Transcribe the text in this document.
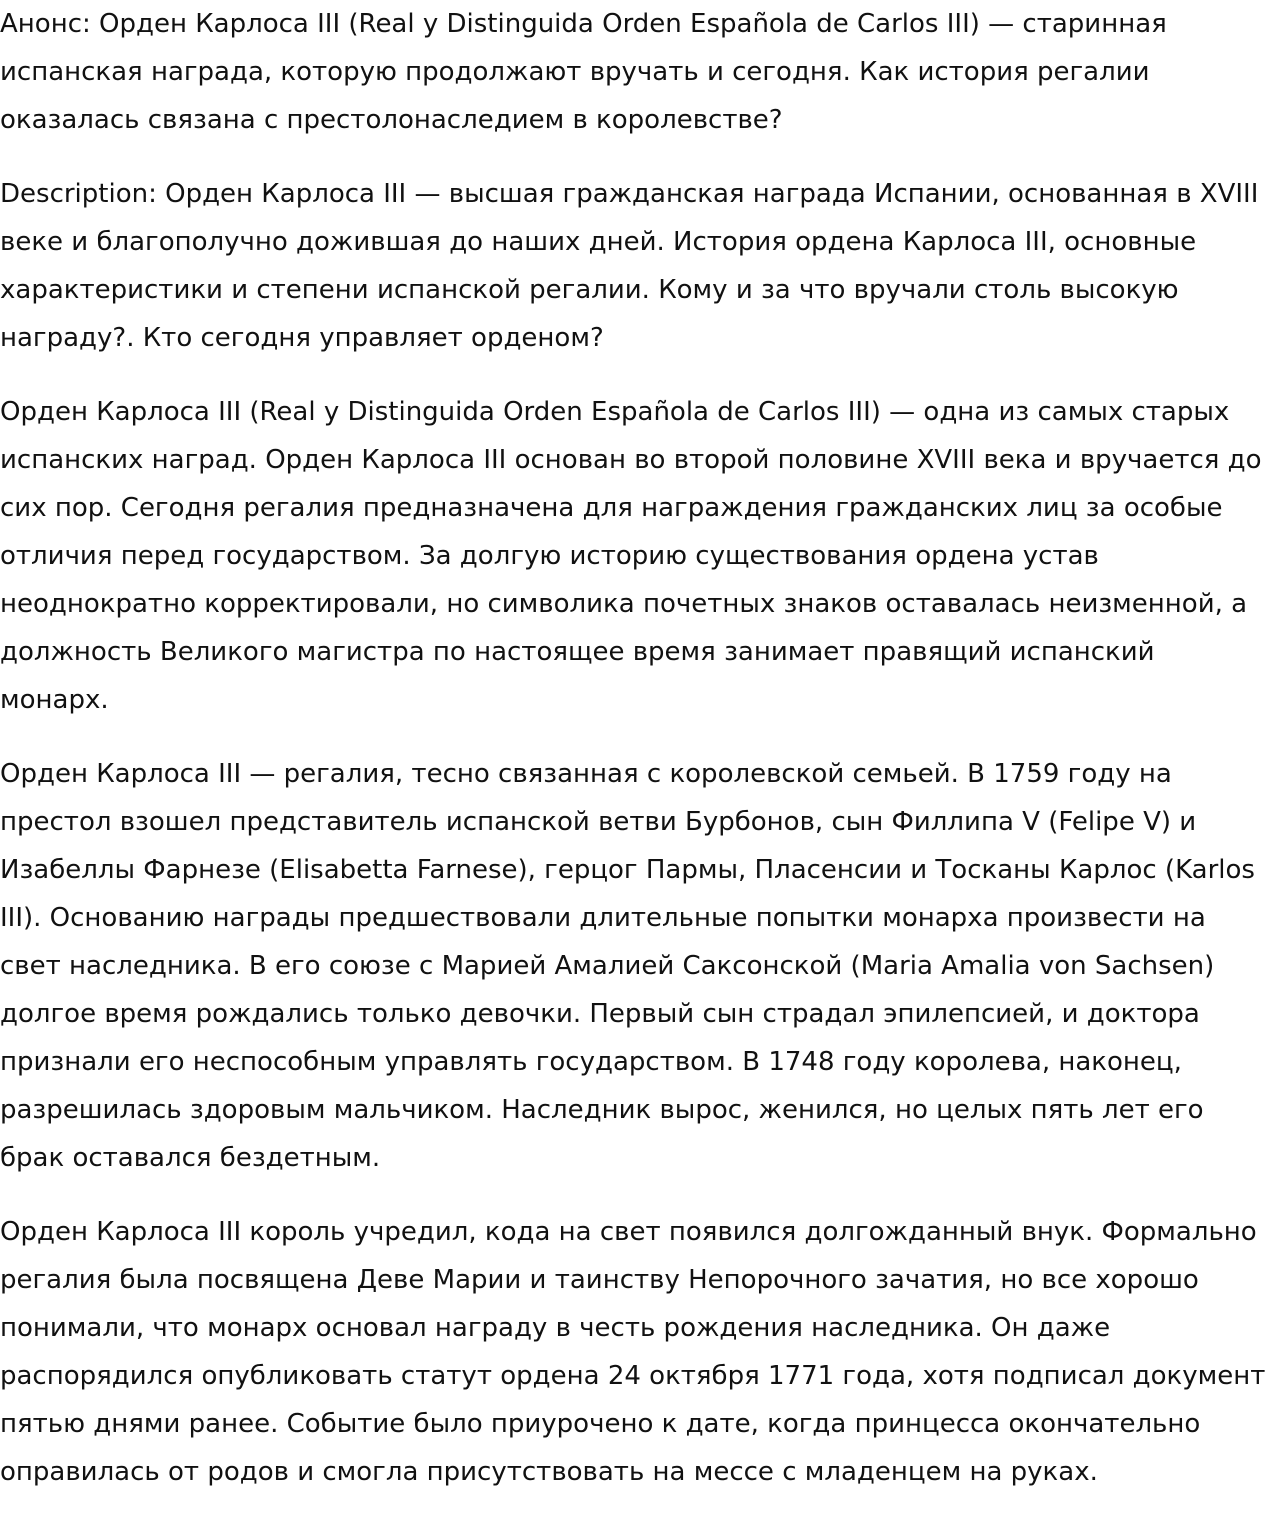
Анонс: Орден Карлоса III (Real y Distinguida Orden Española de Carlos III) — старинная испанская награда, которую продолжают вручать и сегодня. Как история регалии оказалась связана с престолонаследием в королевстве?

Description: Орден Карлоса III — высшая гражданская награда Испании, основанная в XVIII веке и благополучно дожившая до наших дней. История ордена Карлоса III, основные характеристики и степени испанской регалии. Кому и за что вручали столь высокую награду?. Кто сегодня управляет орденом?

Орден Карлоса III (Real y Distinguida Orden Española de Carlos III) — одна из самых старых испанских наград. Орден Карлоса III основан во второй половине XVIII века и вручается до сих пор. Сегодня регалия предназначена для награждения гражданских лиц за особые отличия перед государством. За долгую историю существования ордена устав неоднократно корректировали, но символика почетных знаков оставалась неизменной, а должность Великого магистра по настоящее время занимает правящий испанский монарх.

Орден Карлоса III — регалия, тесно связанная с королевской семьей. В 1759 году на престол взошел представитель испанской ветви Бурбонов, сын Филлипа V (Felipe V) и Изабеллы Фарнезе (Elisabetta Farnese), герцог Пармы, Пласенсии и Тосканы Карлос (Karlos III). Основанию награды предшествовали длительные попытки монарха произвести на свет наследника. В его союзе с Марией Амалией Саксонской (Maria Amalia von Sachsen) долгое время рождались только девочки. Первый сын страдал эпилепсией, и доктора признали его неспособным управлять государством. В 1748 году королева, наконец, разрешилась здоровым мальчиком. Наследник вырос, женился, но целых пять лет его брак оставался бездетным.

Орден Карлоса III король учредил, кода на свет появился долгожданный внук. Формально регалия была посвящена Деве Марии и таинству Непорочного зачатия, но все хорошо понимали, что монарх основал награду в честь рождения наследника. Он даже распорядился опубликовать статут ордена 24 октября 1771 года, хотя подписал документ пятью днями ранее. Событие было приурочено к дате, когда принцесса окончательно оправилась от родов и смогла присутствовать на мессе с младенцем на руках.
